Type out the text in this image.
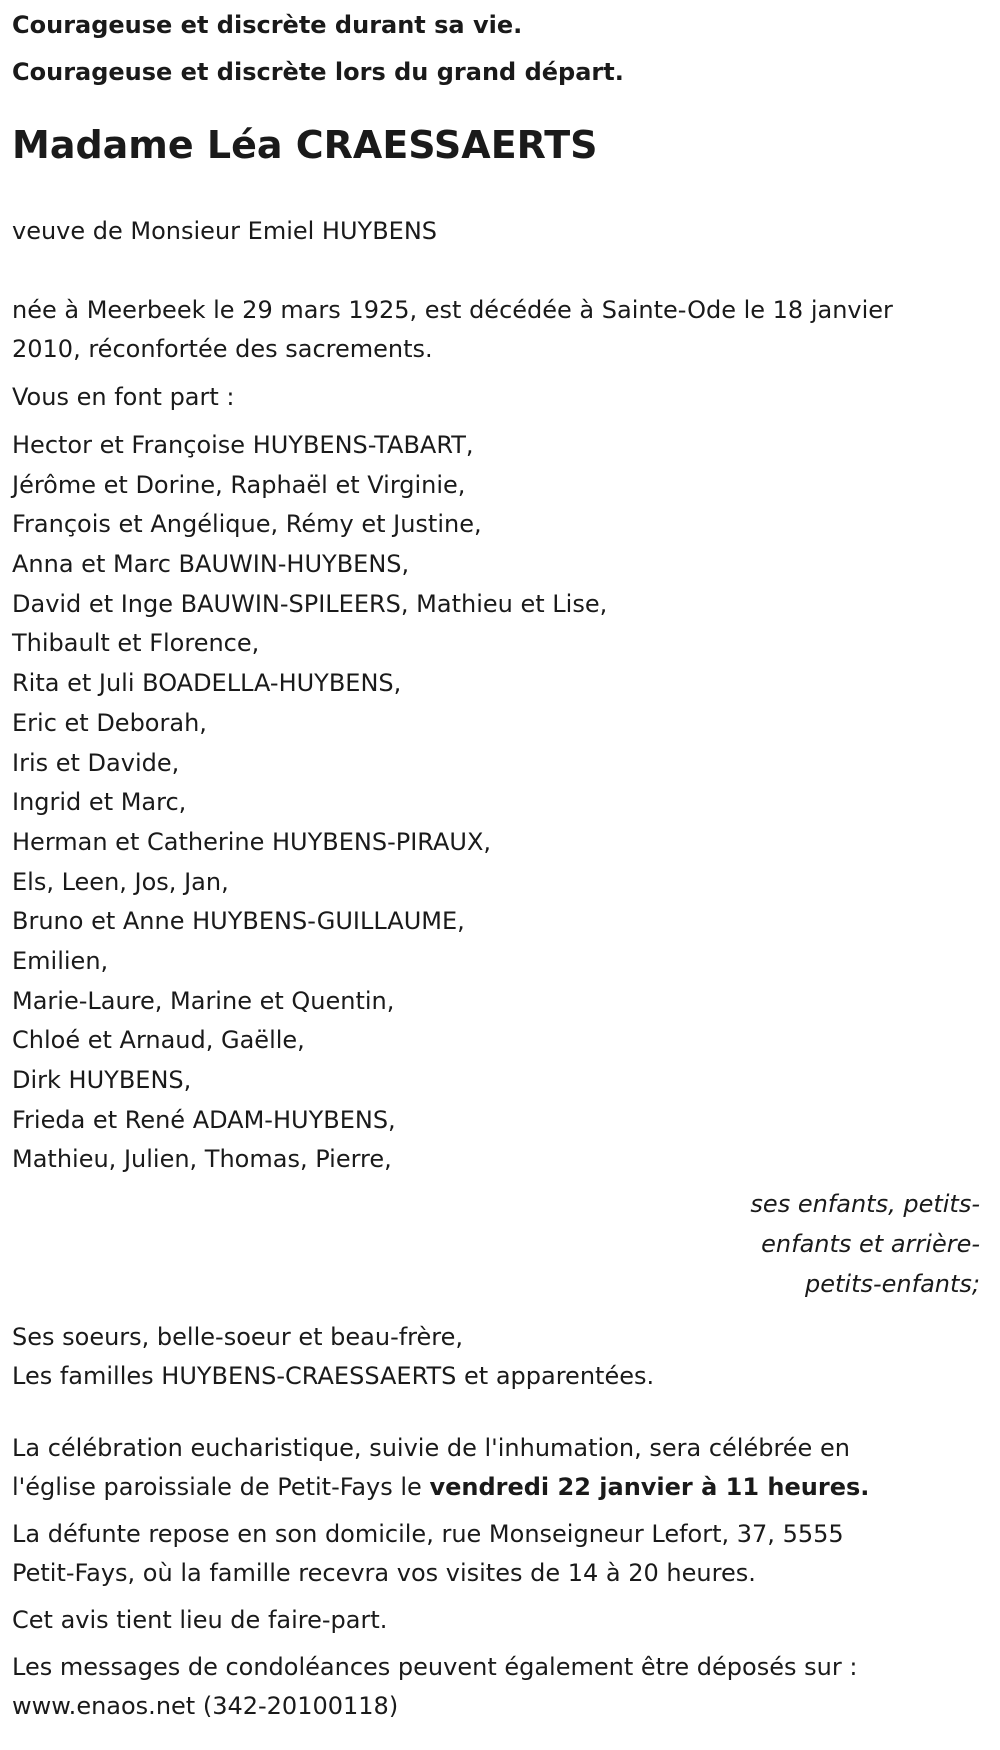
Courageuse et discrète durant sa vie.
Courageuse et discrète lors du grand départ.
Madame Léa CRAESSAERTS

veuve de Monsieur Emiel HUYBENS

née à Meerbeek le 29 mars 1925, est décédée à Sainte-Ode le 18 janvier
2010, réconfortée des sacrements.

Vous en font part :

Hector et Françoise HUYBENS-TABART,
Jérôme et Dorine, Raphaël et Virginie,
François et Angélique, Rémy et Justine,
Anna et Marc BAUWIN-HUYBENS,
David et Inge BAUWIN-SPILEERS, Mathieu et Lise,
Thibault et Florence,
Rita et Juli BOADELLA-HUYBENS,
Eric et Deborah,
Iris et Davide,
Ingrid et Marc,
Herman et Catherine HUYBENS-PIRAUX,
Els, Leen, Jos, Jan,
Bruno et Anne HUYBENS-GUILLAUME,
Emilien,
Marie-Laure, Marine et Quentin,
Chloé et Arnaud, Gaëlle,
Dirk HUYBENS,
Frieda et René ADAM-HUYBENS,
Mathieu, Julien, Thomas, Pierre,
ses enfants, petits-
enfants et arrière-
petits-enfants;
Ses soeurs, belle-soeur et beau-frère,
Les familles HUYBENS-CRAESSAERTS et apparentées.
La célébration eucharistique, suivie de l'inhumation, sera célébrée en
l'église paroissiale de Petit-Fays le vendredi 22 janvier à 11 heures.
La défunte repose en son domicile, rue Monseigneur Lefort, 37, 5555
Petit-Fays, où la famille recevra vos visites de 14 à 20 heures.

Cet avis tient lieu de faire-part.

Les messages de condoléances peuvent également être déposés sur :
www.enaos.net (342-20100118)
